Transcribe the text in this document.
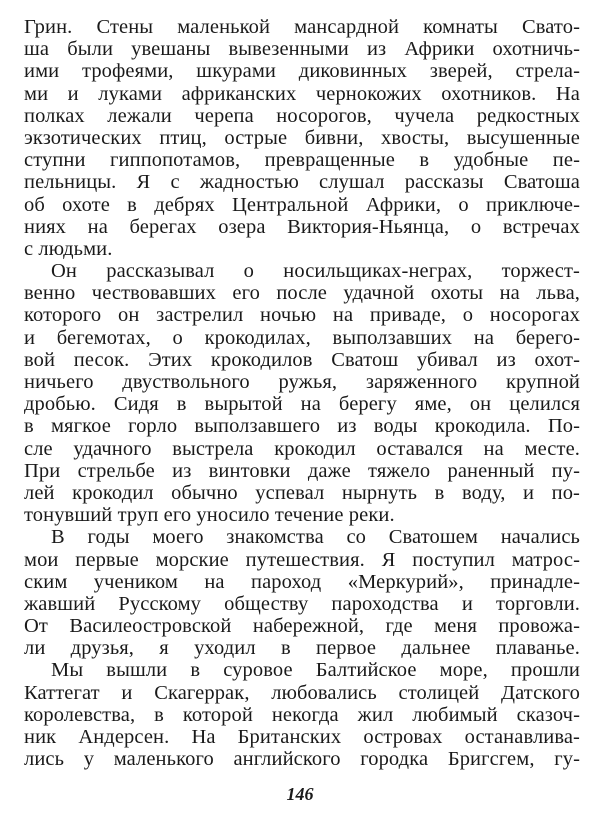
Грин. Стены маленькой мансардной комнаты Свато-
ша были увешаны вывезенными из Африки охотничь-
ими трофеями, шкурами диковинных зверей, стрела-
ми и луками африканских чернокожих охотников. На
полках лежали черепа носорогов, чучела редкостных
экзотических птиц, острые бивни, хвосты, высушенные
ступни гиппопотамов, превращенные в удобные пе-
пельницы. Я с жадностью слушал рассказы Сватоша
об охоте в дебрях Центральной Африки, о приключе-
ниях на берегах озера Виктория-Ньянца, о встречах
с людьми.
Он рассказывал о носильщиках-неграх, торжест-
венно чествовавших его после удачной охоты на льва,
которого он застрелил ночью на приваде, о носорогах
и бегемотах, о крокодилах, выползавших на берего-
вой песок. Этих крокодилов Сватош убивал из охот-
ничьего двуствольного ружья, заряженного крупной
дробью. Сидя в вырытой на берегу яме, он целился
в мягкое горло выползавшего из воды крокодила. По-
сле удачного выстрела крокодил оставался на месте.
При стрельбе из винтовки даже тяжело раненный пу-
лей крокодил обычно успевал нырнуть в воду, и по-
тонувший труп его уносило течение реки.
В годы моего знакомства со Сватошем начались
мои первые морские путешествия. Я поступил матрос-
ским учеником на пароход «Меркурий», принадле-
жавший Русскому обществу пароходства и торговли.
От Василеостровской набережной, где меня провожа-
ли друзья, я уходил в первое дальнее плаванье.
Мы вышли в суровое Балтийское море, прошли
Каттегат и Скагеррак, любовались столицей Датского
королевства, в которой некогда жил любимый сказоч-
ник Андерсен. На Британских островах останавлива-
лись у маленького английского городка Бригсгем, гу-
146
